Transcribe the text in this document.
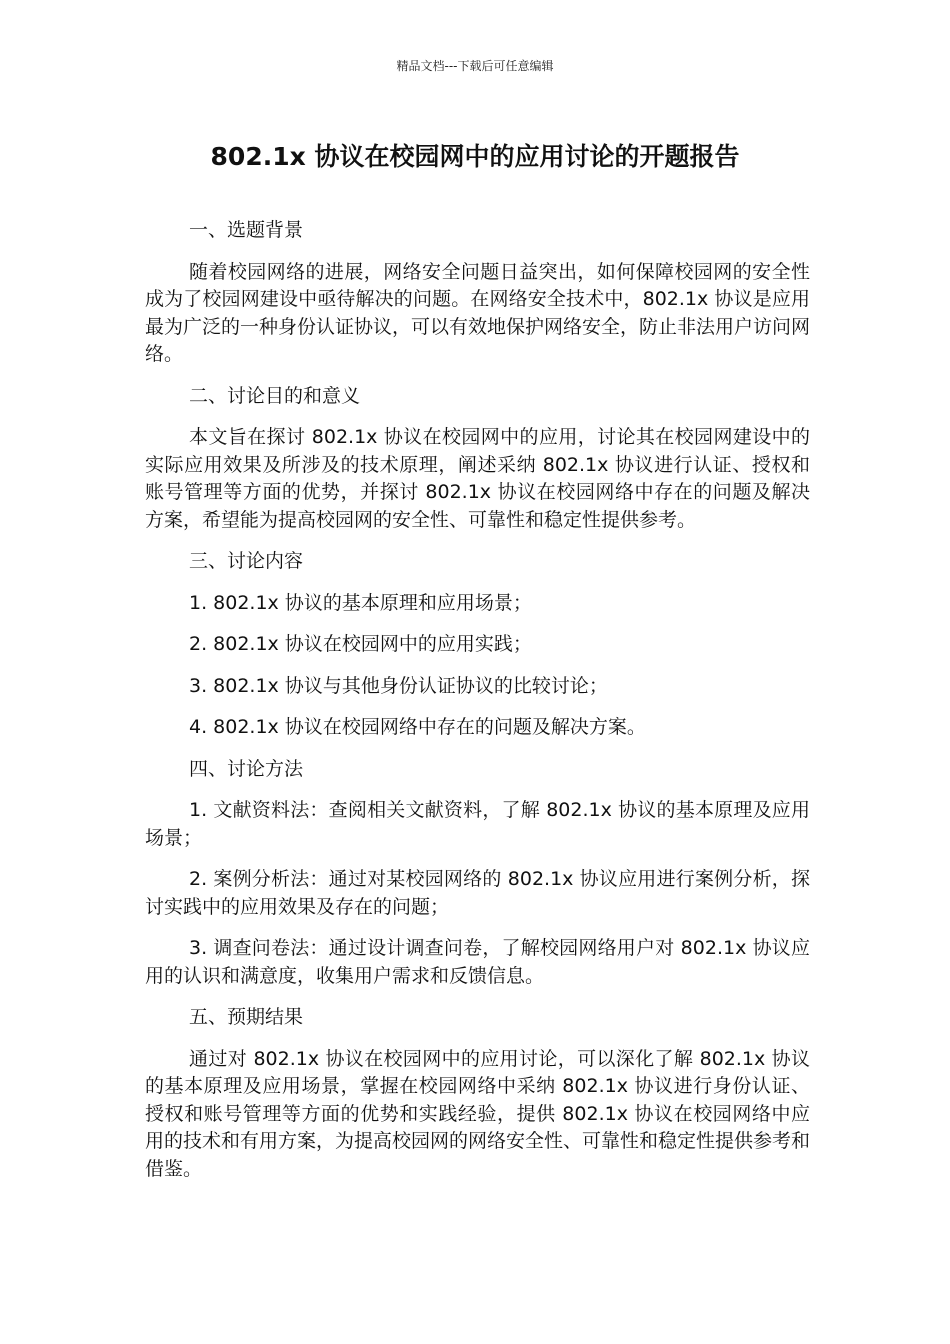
精品文档---下载后可任意编辑
802.1x 协议在校园网中的应用讨论的开题报告
一、选题背景

随着校园网络的进展，网络安全问题日益突出，如何保障校园网的安全性成为了校园网建设中亟待解决的问题。在网络安全技术中，802.1x 协议是应用最为广泛的一种身份认证协议，可以有效地保护网络安全，防止非法用户访问网络。

二、讨论目的和意义

本文旨在探讨 802.1x 协议在校园网中的应用，讨论其在校园网建设中的实际应用效果及所涉及的技术原理，阐述采纳 802.1x 协议进行认证、授权和账号管理等方面的优势，并探讨 802.1x 协议在校园网络中存在的问题及解决方案，希望能为提高校园网的安全性、可靠性和稳定性提供参考。

三、讨论内容

1. 802.1x 协议的基本原理和应用场景；

2. 802.1x 协议在校园网中的应用实践；

3. 802.1x 协议与其他身份认证协议的比较讨论；

4. 802.1x 协议在校园网络中存在的问题及解决方案。

四、讨论方法

1. 文献资料法：查阅相关文献资料，了解 802.1x 协议的基本原理及应用场景；

2. 案例分析法：通过对某校园网络的 802.1x 协议应用进行案例分析，探讨实践中的应用效果及存在的问题；

3. 调查问卷法：通过设计调查问卷，了解校园网络用户对 802.1x 协议应用的认识和满意度，收集用户需求和反馈信息。

五、预期结果

通过对 802.1x 协议在校园网中的应用讨论，可以深化了解 802.1x 协议的基本原理及应用场景，掌握在校园网络中采纳 802.1x 协议进行身份认证、授权和账号管理等方面的优势和实践经验，提供 802.1x 协议在校园网络中应用的技术和有用方案，为提高校园网的网络安全性、可靠性和稳定性提供参考和借鉴。
